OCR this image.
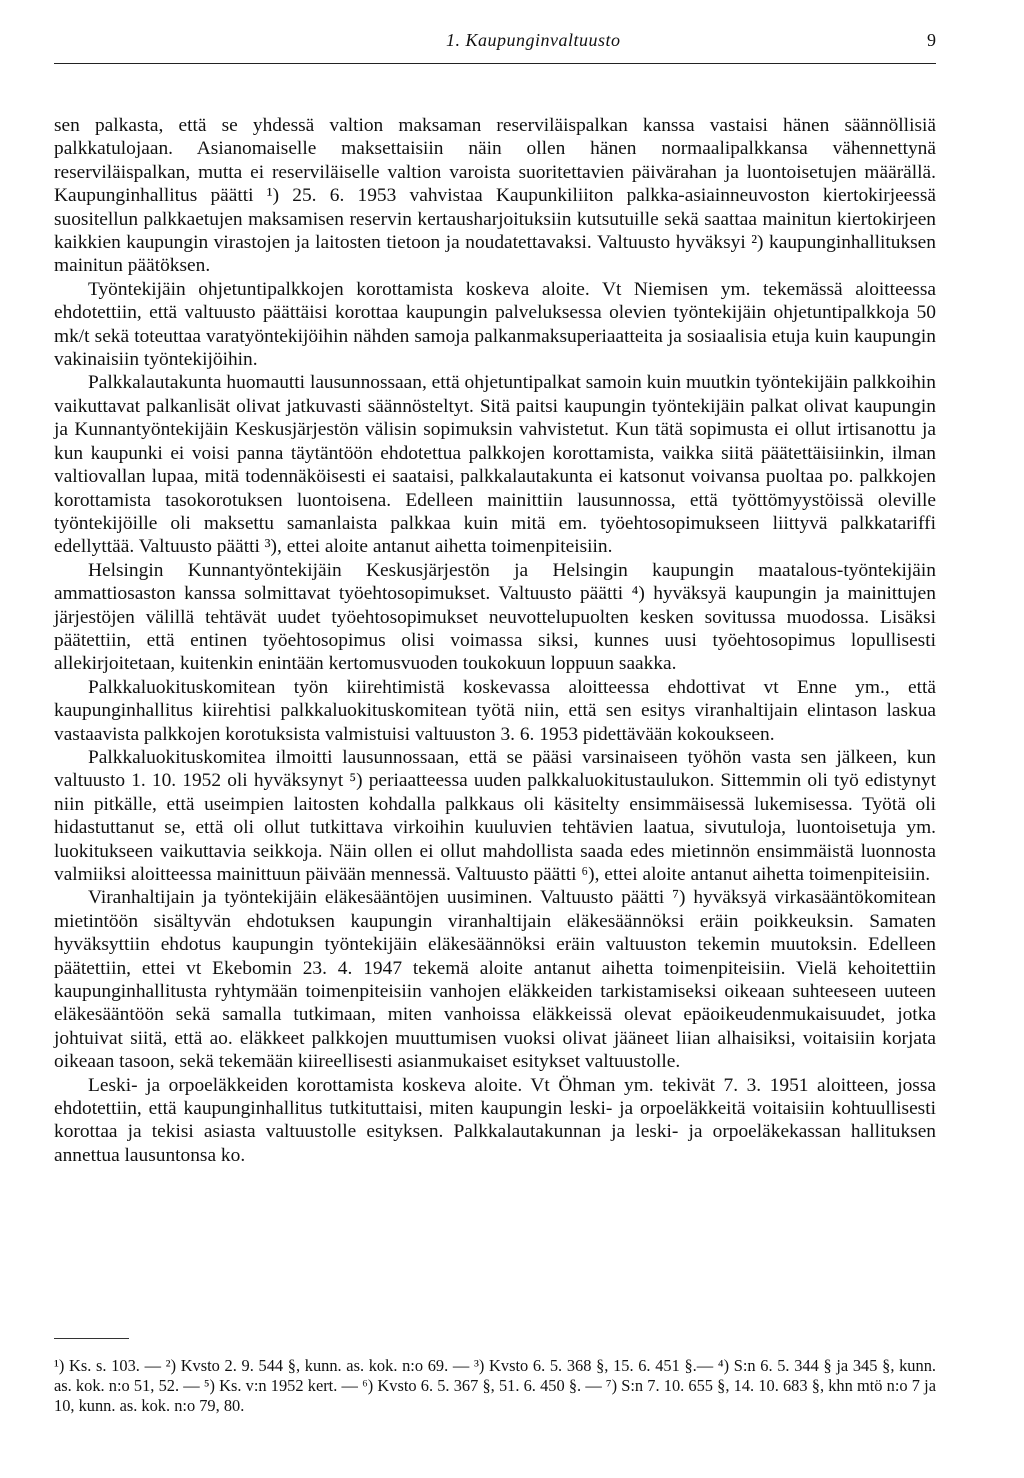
1. Kaupunginvaltuusto	9

sen palkasta, että se yhdessä valtion maksaman reserviläispalkan kanssa vastaisi hänen säännöllisiä palkkatulojaan. Asianomaiselle maksettaisiin näin ollen hänen normaalipalkkansa vähennettynä reserviläispalkan, mutta ei reserviläiselle valtion varoista suoritettavien päivärahan ja luontoisetujen määrällä. Kaupunginhallitus päätti ¹) 25. 6. 1953 vahvistaa Kaupunkiliiton palkka-asiainneuvoston kiertokirjeessä suositellun palkkaetujen maksamisen reservin kertausharjoituksiin kutsutuille sekä saattaa mainitun kiertokirjeen kaikkien kaupungin virastojen ja laitosten tietoon ja noudatettavaksi. Valtuusto hyväksyi ²) kaupunginhallituksen mainitun päätöksen.

Työntekijäin ohjetuntipalkkojen korottamista koskeva aloite. Vt Niemisen ym. tekemässä aloitteessa ehdotettiin, että valtuusto päättäisi korottaa kaupungin palveluksessa olevien työntekijäin ohjetuntipalkkoja 50 mk/t sekä toteuttaa varatyöntekijöihin nähden samoja palkanmaksuperiaatteita ja sosiaalisia etuja kuin kaupungin vakinaisiin työntekijöihin.

Palkkalautakunta huomautti lausunnossaan, että ohjetuntipalkat samoin kuin muutkin työntekijäin palkkoihin vaikuttavat palkanlisät olivat jatkuvasti säännösteltyt. Sitä paitsi kaupungin työntekijäin palkat olivat kaupungin ja Kunnantyöntekijäin Keskusjärjestön välisin sopimuksin vahvistetut. Kun tätä sopimusta ei ollut irtisanottu ja kun kaupunki ei voisi panna täytäntöön ehdotettua palkkojen korottamista, vaikka siitä päätettäisiinkin, ilman valtiovallan lupaa, mitä todennäköisesti ei saataisi, palkkalautakunta ei katsonut voivansa puoltaa po. palkkojen korottamista tasokorotuksen luontoisena. Edelleen mainittiin lausunnossa, että työttömyystöissä oleville työntekijöille oli maksettu samanlaista palkkaa kuin mitä em. työehtosopimukseen liittyvä palkkatariffi edellyttää. Valtuusto päätti ³), ettei aloite antanut aihetta toimenpiteisiin.

Helsingin Kunnantyöntekijäin Keskusjärjestön ja Helsingin kaupungin maatalous-työntekijäin ammattiosaston kanssa solmittavat työehtosopimukset. Valtuusto päätti ⁴) hyväksyä kaupungin ja mainittujen järjestöjen välillä tehtävät uudet työehtosopimukset neuvottelupuolten kesken sovitussa muodossa. Lisäksi päätettiin, että entinen työehtosopimus olisi voimassa siksi, kunnes uusi työehtosopimus lopullisesti allekirjoitetaan, kuitenkin enintään kertomusvuoden toukokuun loppuun saakka.

Palkkaluokituskomitean työn kiirehtimistä koskevassa aloitteessa ehdottivat vt Enne ym., että kaupunginhallitus kiirehtisi palkkaluokituskomitean työtä niin, että sen esitys viranhaltijain elintason laskua vastaavista palkkojen korotuksista valmistuisi valtuuston 3. 6. 1953 pidettävään kokoukseen.

Palkkaluokituskomitea ilmoitti lausunnossaan, että se pääsi varsinaiseen työhön vasta sen jälkeen, kun valtuusto 1. 10. 1952 oli hyväksynyt ⁵) periaatteessa uuden palkkaluokitustaulukon. Sittemmin oli työ edistynyt niin pitkälle, että useimpien laitosten kohdalla palkkaus oli käsitelty ensimmäisessä lukemisessa. Työtä oli hidastuttanut se, että oli ollut tutkittava virkoihin kuuluvien tehtävien laatua, sivutuloja, luontoisetuja ym. luokitukseen vaikuttavia seikkoja. Näin ollen ei ollut mahdollista saada edes mietinnön ensimmäistä luonnosta valmiiksi aloitteessa mainittuun päivään mennessä. Valtuusto päätti ⁶), ettei aloite antanut aihetta toimenpiteisiin.

Viranhaltijain ja työntekijäin eläkesääntöjen uusiminen. Valtuusto päätti ⁷) hyväksyä virkasääntökomitean mietintöön sisältyvän ehdotuksen kaupungin viranhaltijain eläkesäännöksi eräin poikkeuksin. Samaten hyväksyttiin ehdotus kaupungin työntekijäin eläkesäännöksi eräin valtuuston tekemin muutoksin. Edelleen päätettiin, ettei vt Ekebomin 23. 4. 1947 tekemä aloite antanut aihetta toimenpiteisiin. Vielä kehoitettiin kaupunginhallitusta ryhtymään toimenpiteisiin vanhojen eläkkeiden tarkistamiseksi oikeaan suhteeseen uuteen eläkesääntöön sekä samalla tutkimaan, miten vanhoissa eläkkeissä olevat epäoikeudenmukaisuudet, jotka johtuivat siitä, että ao. eläkkeet palkkojen muuttumisen vuoksi olivat jääneet liian alhaisiksi, voitaisiin korjata oikeaan tasoon, sekä tekemään kiireellisesti asianmukaiset esitykset valtuustolle.

Leski- ja orpoeläkkeiden korottamista koskeva aloite. Vt Öhman ym. tekivät 7. 3. 1951 aloitteen, jossa ehdotettiin, että kaupunginhallitus tutkituttaisi, miten kaupungin leski- ja orpoeläkkeitä voitaisiin kohtuullisesti korottaa ja tekisi asiasta valtuustolle esityksen. Palkkalautakunnan ja leski- ja orpoeläkekassan hallituksen annettua lausuntonsa ko.

¹) Ks. s. 103. — ²) Kvsto 2. 9. 544 §, kunn. as. kok. n:o 69. — ³) Kvsto 6. 5. 368 §, 15. 6. 451 §.— ⁴) S:n 6. 5. 344 § ja 345 §, kunn. as. kok. n:o 51, 52. — ⁵) Ks. v:n 1952 kert. — ⁶) Kvsto 6. 5. 367 §, 51. 6. 450 §. — ⁷) S:n 7. 10. 655 §, 14. 10. 683 §, khn mtö n:o 7 ja 10, kunn. as. kok. n:o 79, 80.
